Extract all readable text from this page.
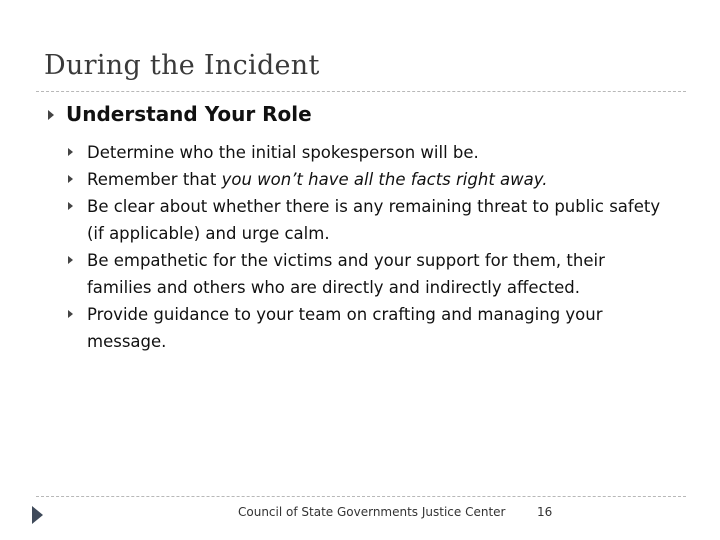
During the Incident
Understand Your Role
Determine who the initial spokesperson will be.
Remember that you won’t have all the facts right away.
Be clear about whether there is any remaining threat to public safety (if applicable) and urge calm.
Be empathetic for the victims and your support for them, their families and others who are directly and indirectly affected.
Provide guidance to your team on crafting and managing your message.
Council of State Governments Justice Center	16
